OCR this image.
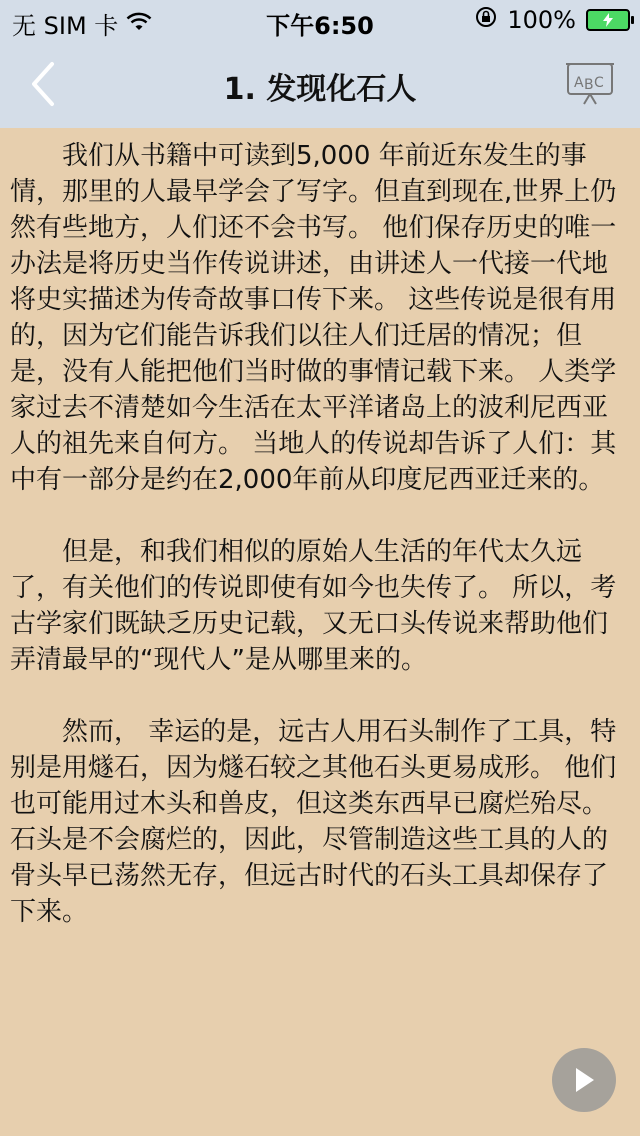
无 SIM 卡	下午6:50	100%
1. 发现化石人	A B C

我们从书籍中可读到5,000 年前近东发生的事情，那里的人最早学会了写字。但直到现在,世界上仍然有些地方，人们还不会书写。 他们保存历史的唯一办法是将历史当作传说讲述，由讲述人一代接一代地将史实描述为传奇故事口传下来。 这些传说是很有用的，因为它们能告诉我们以往人们迁居的情况；但是，没有人能把他们当时做的事情记载下来。 人类学家过去不清楚如今生活在太平洋诸岛上的波利尼西亚人的祖先来自何方。 当地人的传说却告诉了人们：其中有一部分是约在2,000年前从印度尼西亚迁来的。

但是，和我们相似的原始人生活的年代太久远了，有关他们的传说即使有如今也失传了。 所以，考古学家们既缺乏历史记载，又无口头传说来帮助他们弄清最早的“现代人”是从哪里来的。

然而， 幸运的是，远古人用石头制作了工具，特别是用燧石，因为燧石较之其他石头更易成形。 他们也可能用过木头和兽皮，但这类东西早已腐烂殆尽。 石头是不会腐烂的，因此，尽管制造这些工具的人的骨头早已荡然无存，但远古时代的石头工具却保存了下来。
